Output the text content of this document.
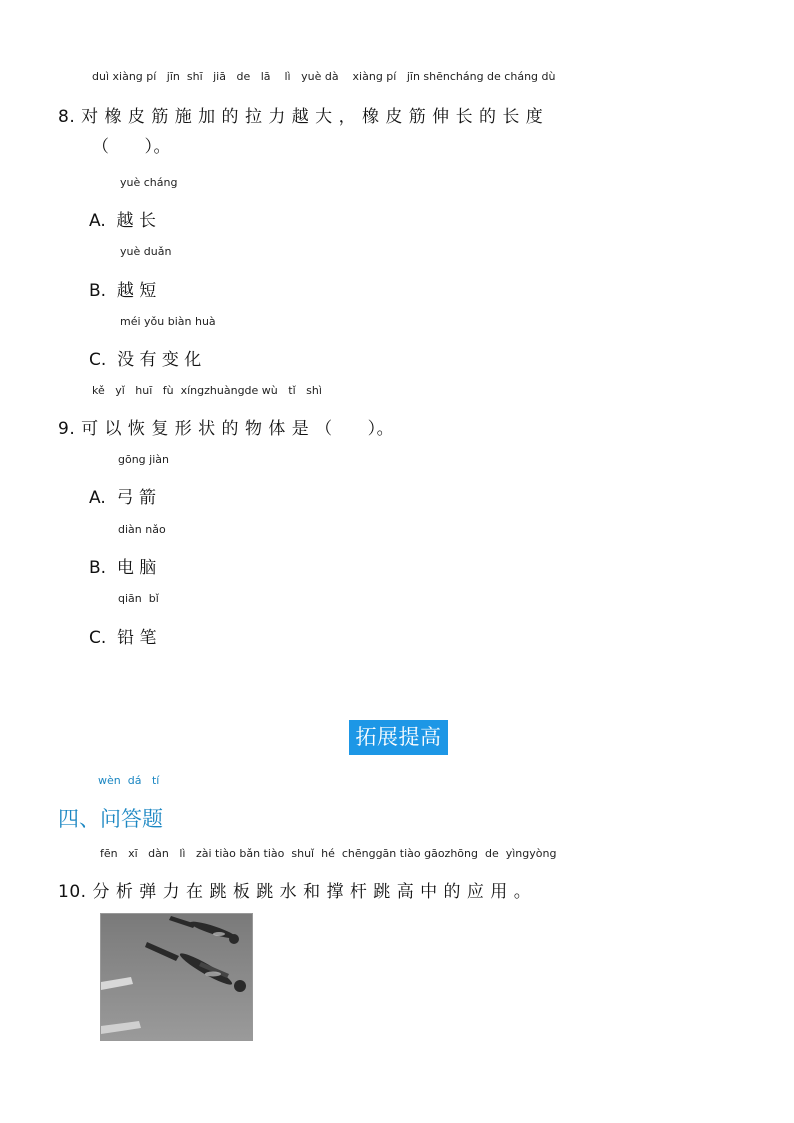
duì xiàng pí   jīn  shī   jiā   de   lā    lì   yuè dà    xiàng pí   jīn shēncháng de cháng dù
8. 对 橡 皮 筋 施 加 的 拉 力 越 大 ， 橡 皮 筋 伸 长 的 长 度
（　　）。
yuè cháng
A.  越 长
yuè duǎn
B.  越 短
méi yǒu biàn huà
C.  没 有 变 化
kě   yǐ   huī   fù  xíngzhuàngde wù   tǐ   shì
9. 可 以 恢 复 形 状 的 物 体 是 （　　）。
gōng jiàn
A.  弓 箭
diàn nǎo
B.  电 脑
qiān  bǐ
C.  铅 笔
拓展提高
wèn  dá   tí
四、问答题
fēn   xī   dàn   lì   zài tiào bǎn tiào  shuǐ  hé  chēnggān tiào gāozhōng  de  yìngyòng
10. 分 析 弹 力 在 跳 板 跳 水 和 撑 杆 跳 高 中 的 应 用 。
